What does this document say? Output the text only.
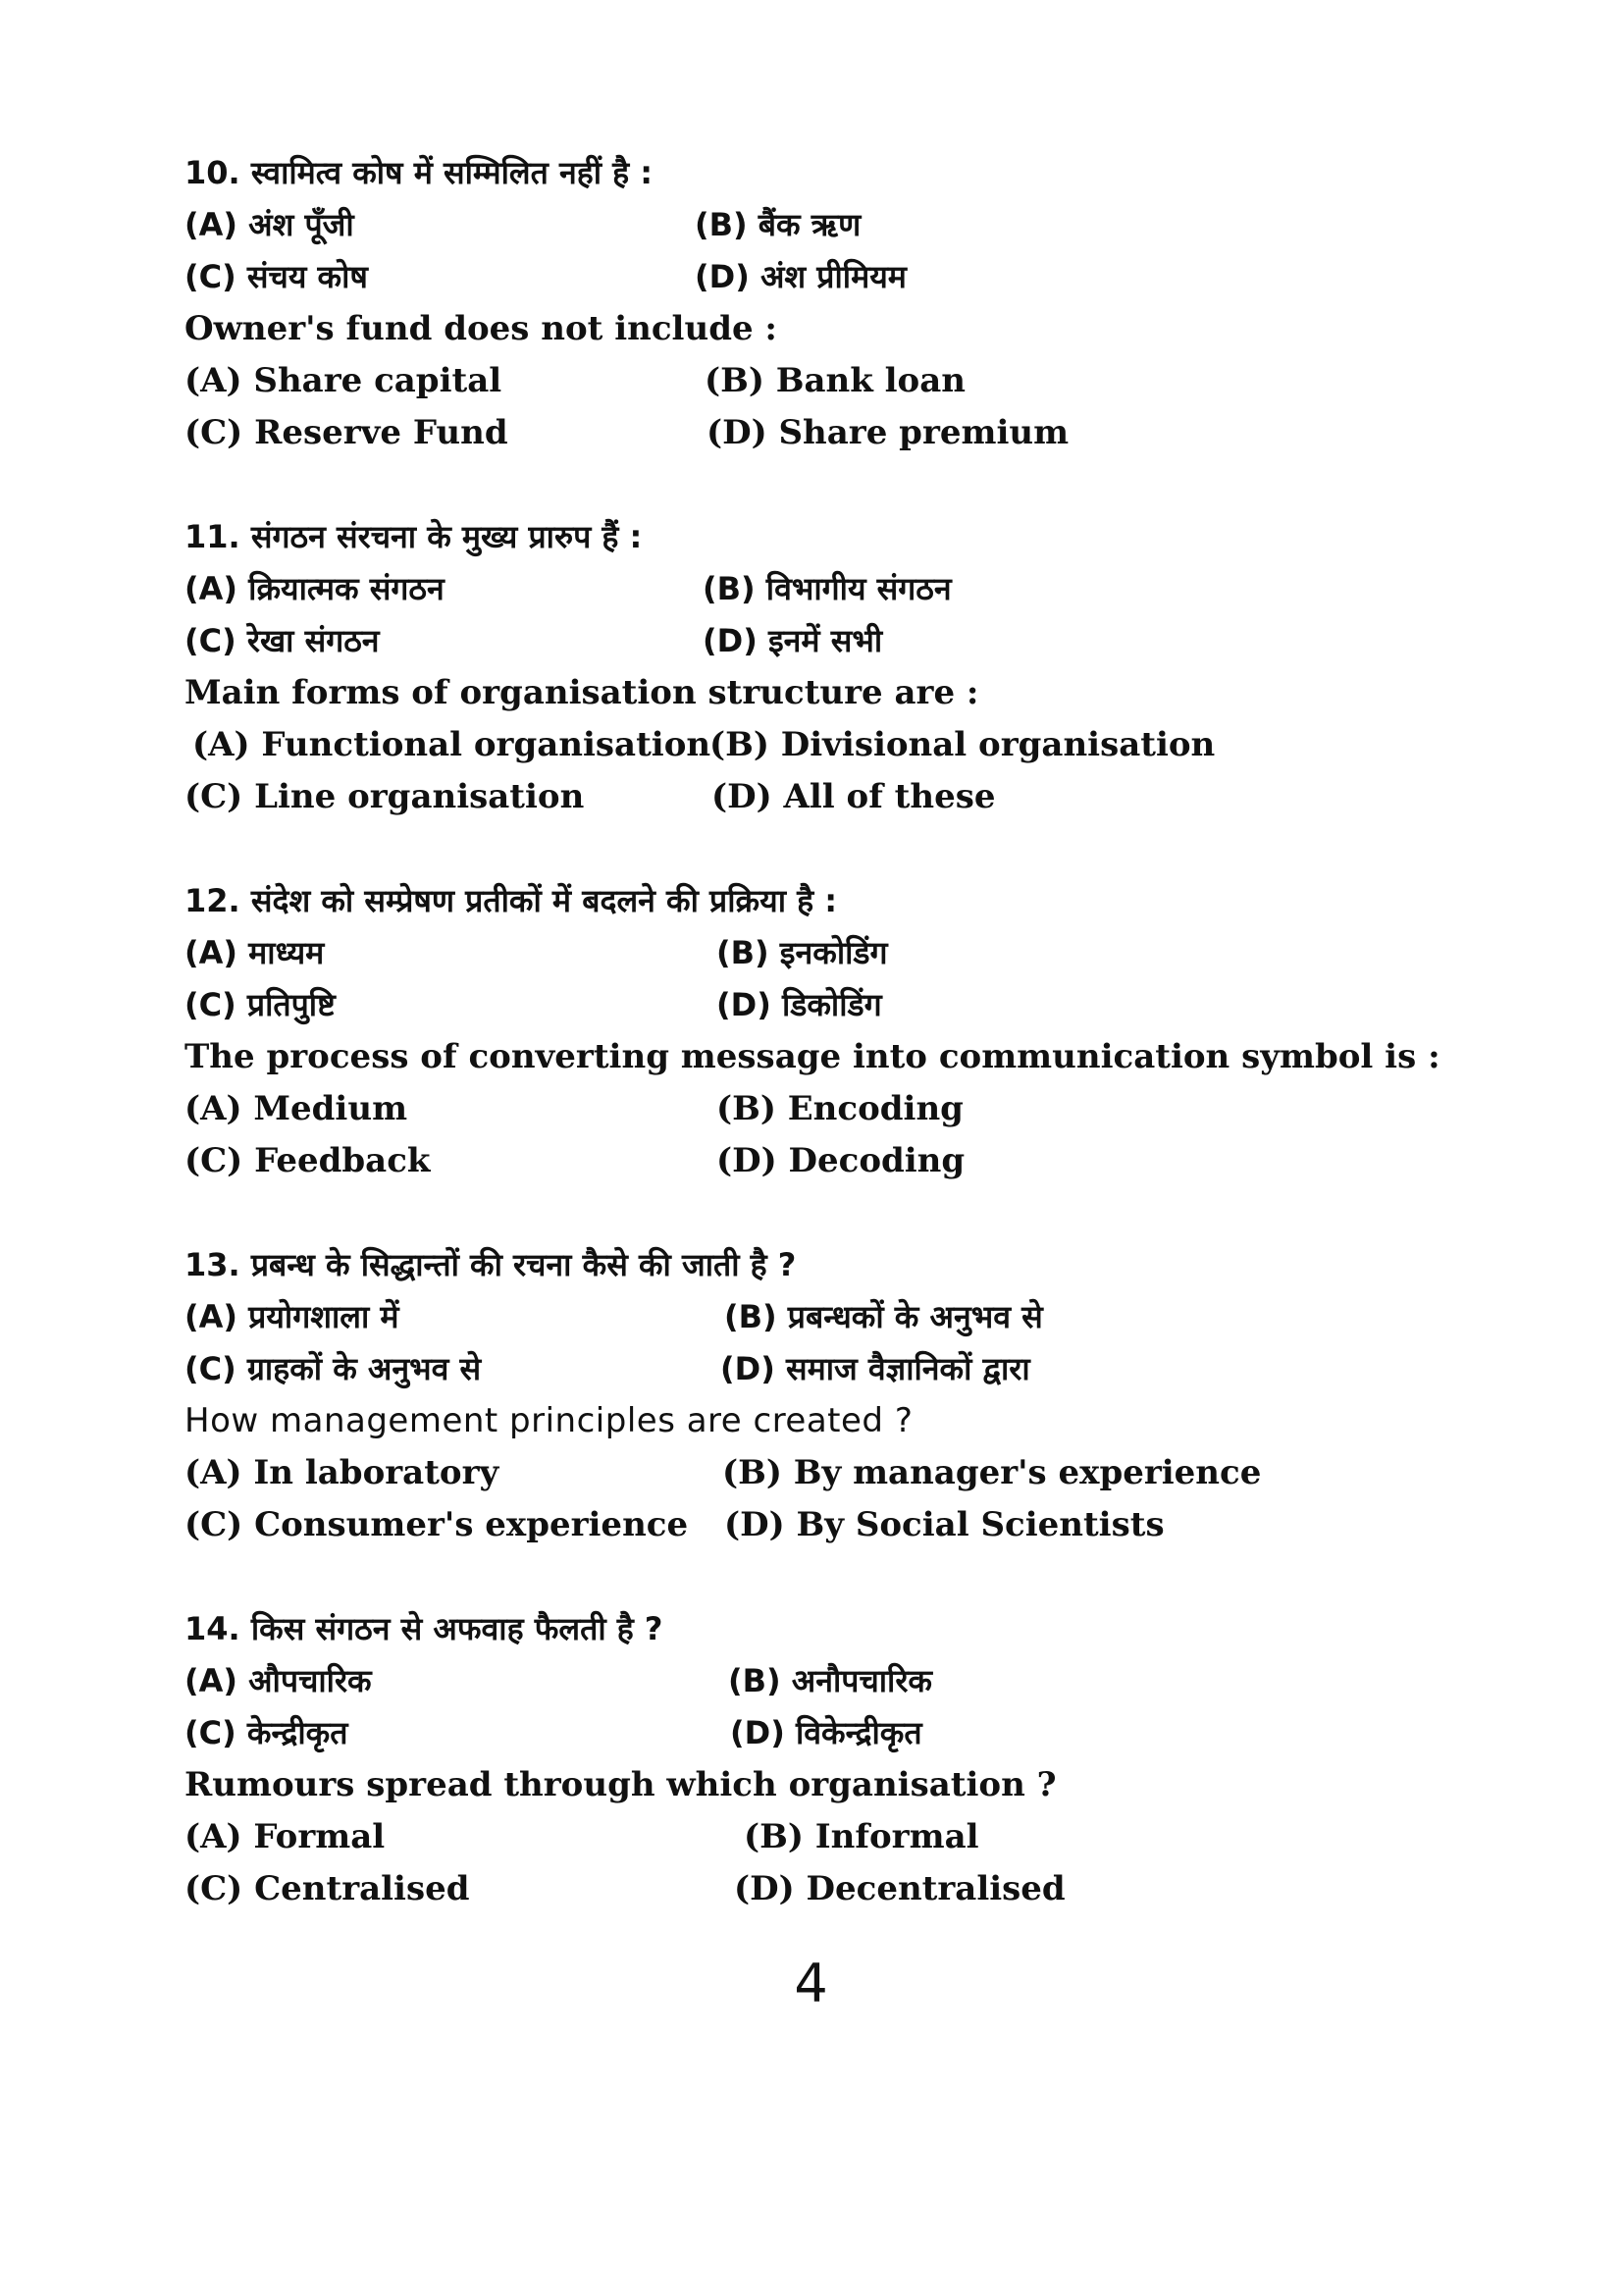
10. स्वामित्व कोष में सम्मिलित नहीं है :
(A) अंश पूँजी	(B) बैंक ऋण
(C) संचय कोष	(D) अंश प्रीमियम
Owner's fund does not include :
(A) Share capital	(B) Bank loan
(C) Reserve Fund	(D) Share premium
11. संगठन संरचना के मुख्य प्रारुप हैं :
(A) क्रियात्मक संगठन	(B) विभागीय संगठन
(C) रेखा संगठन	(D) इनमें सभी
Main forms of organisation structure are :
(A) Functional organisation
(B) Divisional organisation
(C) Line organisation	(D) All of these
12. संदेश को सम्प्रेषण प्रतीकों में बदलने की प्रक्रिया है :
(A) माध्यम	(B) इनकोडिंग
(C) प्रतिपुष्टि	(D) डिकोडिंग
The process of converting message into communication symbol is :
(A) Medium	(B) Encoding
(C) Feedback	(D) Decoding
13. प्रबन्ध के सिद्धान्तों की रचना कैसे की जाती है ?
(A) प्रयोगशाला में	(B) प्रबन्धकों के अनुभव से
(C) ग्राहकों के अनुभव से	(D) समाज वैज्ञानिकों द्वारा
How management principles are created ?
(A) In laboratory	(B) By manager's experience
(C) Consumer's experience (D) By Social Scientists
14. किस संगठन से अफवाह फैलती है ?
(A) औपचारिक	(B) अनौपचारिक
(C) केन्द्रीकृत	(D) विकेन्द्रीकृत
Rumours spread through which organisation ?
(A) Formal	(B) Informal
(C) Centralised	(D) Decentralised
4
